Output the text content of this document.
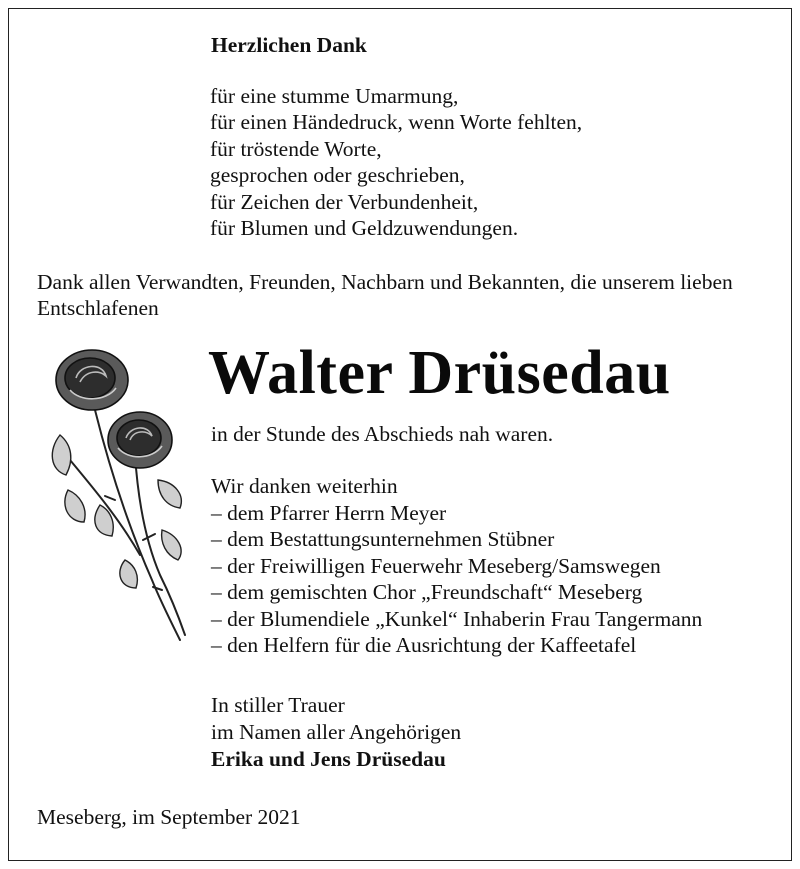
Herzlichen Dank
für eine stumme Umarmung,
für einen Händedruck, wenn Worte fehlten,
für tröstende Worte,
gesprochen oder geschrieben,
für Zeichen der Verbundenheit,
für Blumen und Geldzuwendungen.
Dank allen Verwandten, Freunden, Nachbarn und Bekannten, die unserem lieben Entschlafenen
Walter Drüsedau
in der Stunde des Abschieds nah waren.
Wir danken weiterhin
– dem Pfarrer Herrn Meyer
– dem Bestattungsunternehmen Stübner
– der Freiwilligen Feuerwehr Meseberg/Samswegen
– dem gemischten Chor „Freundschaft“ Meseberg
– der Blumendiele „Kunkel“ Inhaberin Frau Tangermann
– den Helfern für die Ausrichtung der Kaffeetafel
In stiller Trauer
im Namen aller Angehörigen
Erika und Jens Drüsedau
Meseberg, im September 2021
